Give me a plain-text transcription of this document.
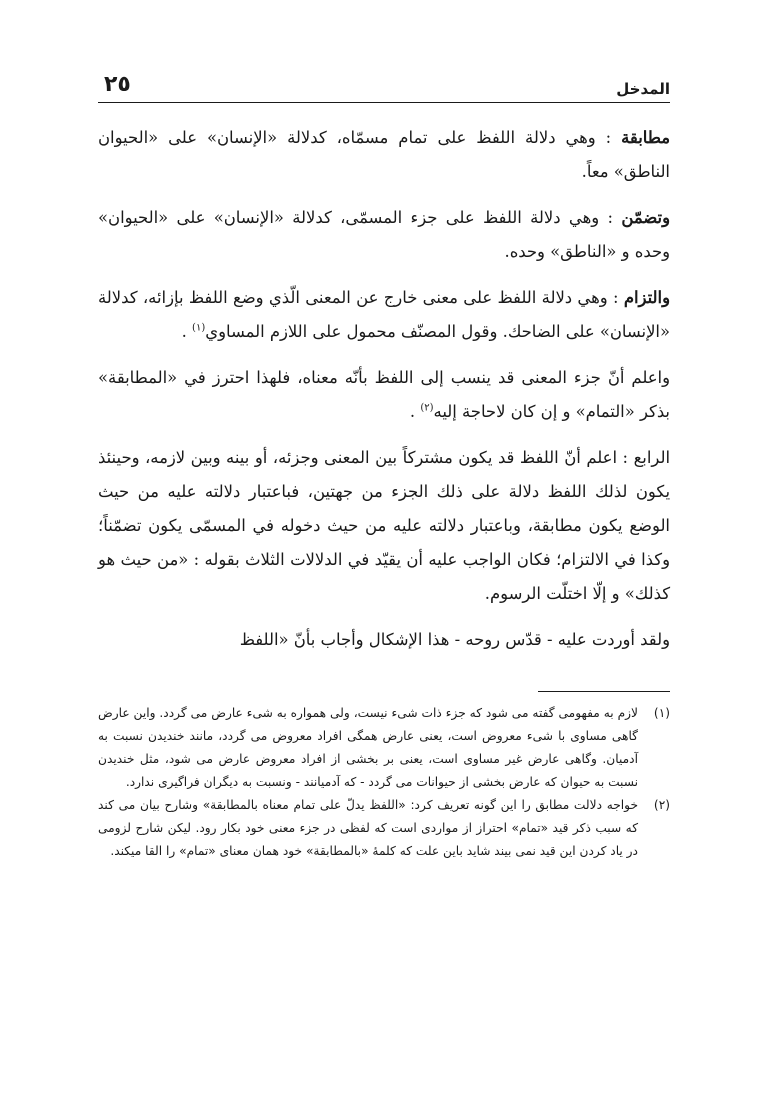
٢٥	المدخل

مطابقة : وهي دلالة اللفظ على تمام مسمّاه، كدلالة «الإنسان» على «الحيوان الناطق» معاً.

وتضمّن : وهي دلالة اللفظ على جزء المسمّى، كدلالة «الإنسان» على «الحيوان» وحده و «الناطق» وحده.

والتزام : وهي دلالة اللفظ على معنى خارج عن المعنى الّذي وضع اللفظ بإزائه، كدلالة «الإنسان» على الضاحك. وقول المصنّف محمول على اللازم المساوي$^{(١)}$ .

واعلم أنّ جزء المعنى قد ينسب إلى اللفظ بأنّه معناه، فلهذا احترز في «المطابقة» بذكر «التمام» و إن كان لاحاجة إليه$^{(٢)}$ .

الرابع : اعلم أنّ اللفظ قد يكون مشتركاً بين المعنى وجزئه، أو بينه وبين لازمه، وحينئذ يكون لذلك اللفظ دلالة على ذلك الجزء من جهتين، فباعتبار دلالته عليه من حيث الوضع يكون مطابقة، وباعتبار دلالته عليه من حيث دخوله في المسمّى يكون تضمّناً؛ وكذا في الالتزام؛ فكان الواجب عليه أن يقيّد في الدلالات الثلاث بقوله : «من حيث هو كذلك» و إلّا اختلّت الرسوم.

ولقد أوردت عليه - قدّس روحه - هذا الإشكال وأجاب بأنّ «اللفظ

(١)
لازم به مفهومی گفته می شود که جزء ذات شیء نیست، ولی همواره به شیء عارض می گردد. واین عارض گاهی مساوی با شیء معروض است، یعنی عارض همگی افراد معروض می گردد، مانند خندیدن نسبت به آدمیان. وگاهی عارض غیر مساوی است، یعنی بر بخشی از افراد معروض عارض می شود، مثل خندیدن نسبت به حیوان که عارض بخشی از حیوانات می گردد - که آدمیانند - ونسبت به دیگران فراگیری ندارد.
(٢)
خواجه دلالت مطابق را این گونه تعریف کرد: «اللفظ یدلّ على تمام معناه بالمطابقة» وشارح بیان می کند که سبب ذکر قید «تمام» احتراز از مواردی است که لفظی در جزء معنی خود بکار رود. لیکن شارح لزومی در یاد کردن این قید نمی بیند شاید باین علت که کلمهٔ «بالمطابقة» خود همان معنای «تمام» را القا میکند.
